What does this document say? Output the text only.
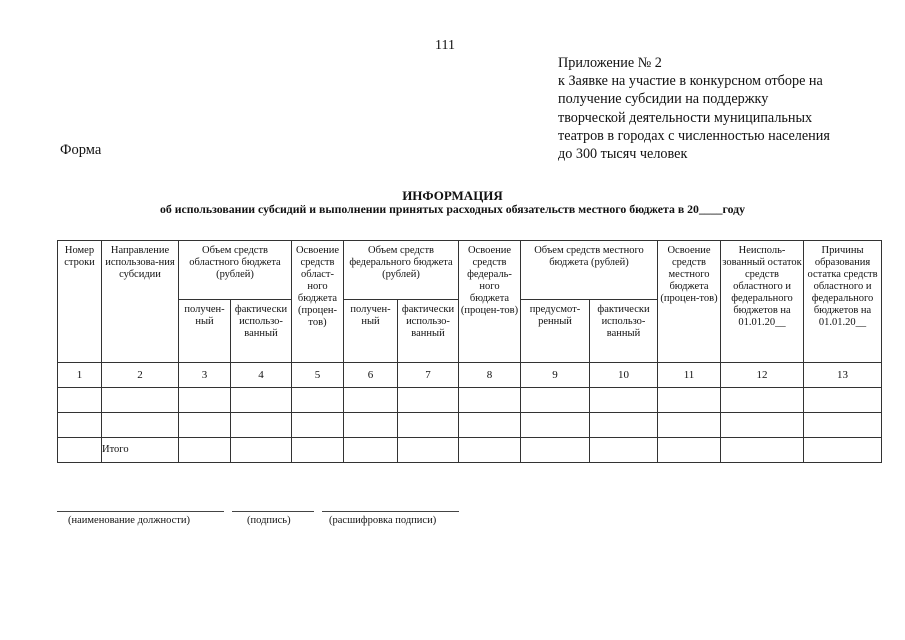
111
Приложение № 2
к Заявке на участие в конкурсном отборе на
получение субсидии на поддержку
творческой деятельности муниципальных
театров в городах с численностью населения
до 300 тысяч человек
Форма
ИНФОРМАЦИЯ
об использовании субсидий и выполнении принятых расходных обязательств местного бюджета в 20____году
Номер строки	Направление использова-ния субсидии	Объем средств областного бюджета (рублей)		Освоение средств област-ного бюджета (процен-тов)	Объем средств федерального бюджета (рублей)		Освоение средств федераль-ного бюджета (процен-тов)	Объем средств местного бюджета (рублей)		Освоение средств местного бюджета (процен-тов)	Неисполь-зованный остаток средств областного и федерального бюджетов на 01.01.20__	Причины образования остатка средств областного и федерального бюджетов на 01.01.20__
		получен-ный	фактически использо-ванный		получен-ный	фактически использо-ванный		предусмот-ренный	фактически использо-ванный			
1	2	3	4	5	6	7	8	9	10	11	12	13

	Итого											
(наименование должности)	(подпись)	(расшифровка подписи)
